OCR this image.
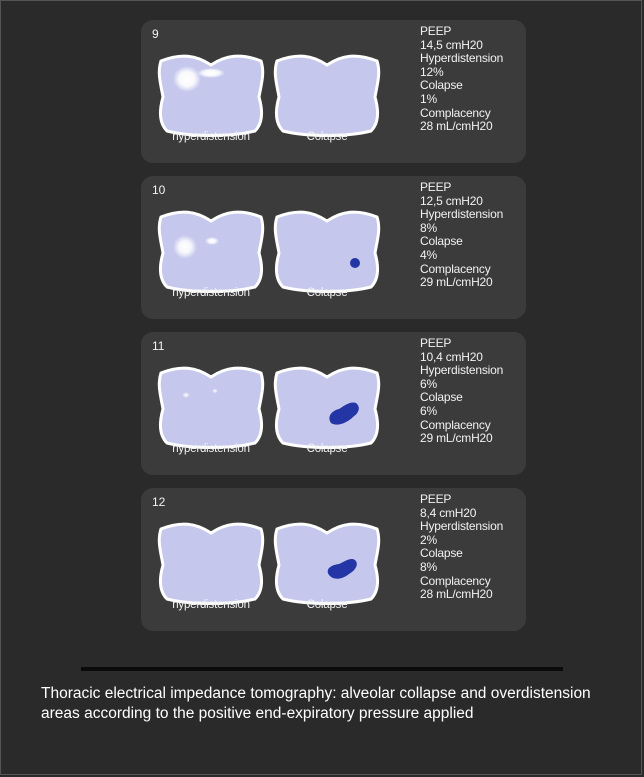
9
hyperdistension	Colapse
PEEP
14,5 cmH20
Hyperdistension
12%
Colapse
1%
Complacency
28 mL/cmH20
10
hyperdistension	Colapse
PEEP
12,5 cmH20
Hyperdistension
8%
Colapse
4%
Complacency
29 mL/cmH20
11
hyperdistension	Colapse
PEEP
10,4 cmH20
Hyperdistension
6%
Colapse
6%
Complacency
29 mL/cmH20
12
hyperdistension	Colapse
PEEP
8,4 cmH20
Hyperdistension
2%
Colapse
8%
Complacency
28 mL/cmH20
Thoracic electrical impedance tomography: alveolar collapse and overdistension areas according to the positive end-expiratory pressure applied
